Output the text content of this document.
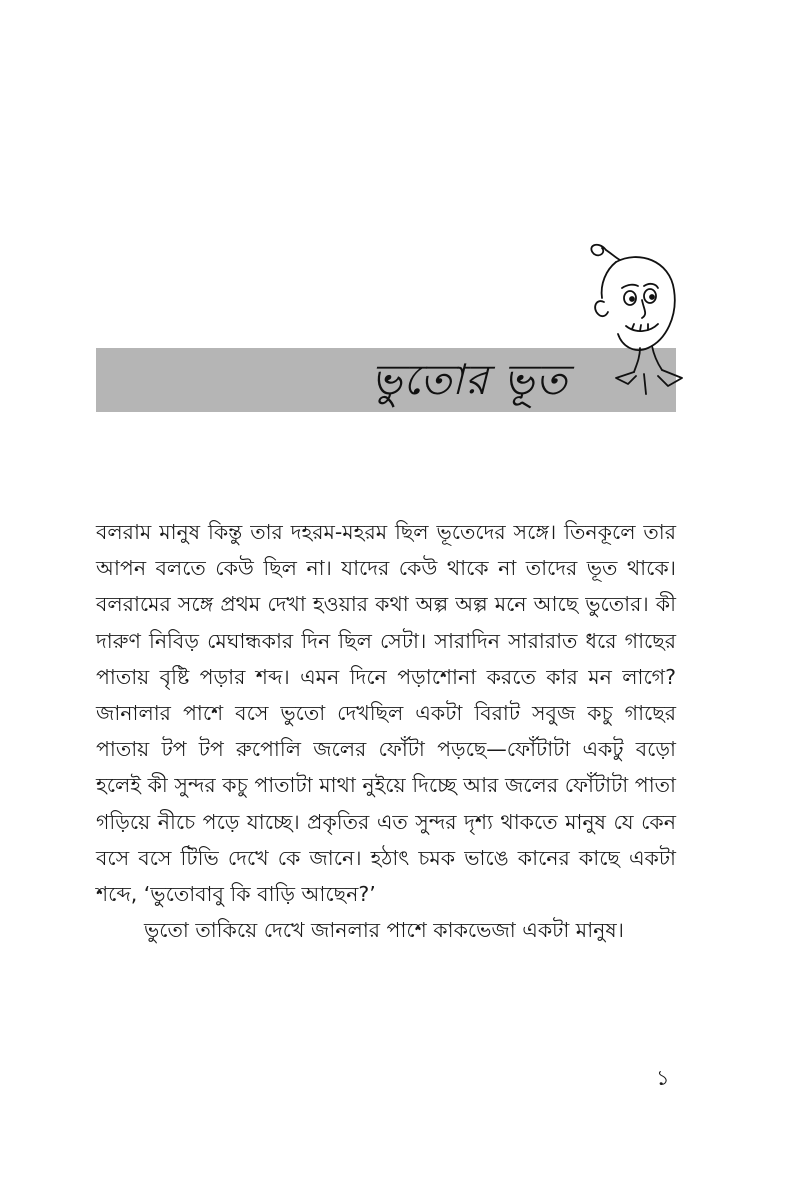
ভুতোর ভূত

বলরাম মানুষ কিন্তু তার দহরম-মহরম ছিল ভূতেদের সঙ্গে। তিনকূলে তার আপন বলতে কেউ ছিল না। যাদের কেউ থাকে না তাদের ভূত থাকে। বলরামের সঙ্গে প্রথম দেখা হওয়ার কথা অল্প অল্প মনে আছে ভুতোর। কী দারুণ নিবিড় মেঘান্ধকার দিন ছিল সেটা। সারাদিন সারারাত ধরে গাছের পাতায় বৃষ্টি পড়ার শব্দ। এমন দিনে পড়াশোনা করতে কার মন লাগে? জানালার পাশে বসে ভুতো দেখছিল একটা বিরাট সবুজ কচু গাছের পাতায় টপ টপ রুপোলি জলের ফোঁটা পড়ছে—ফোঁটাটা একটু বড়ো হলেই কী সুন্দর কচু পাতাটা মাথা নুইয়ে দিচ্ছে আর জলের ফোঁটাটা পাতা গড়িয়ে নীচে পড়ে যাচ্ছে। প্রকৃতির এত সুন্দর দৃশ্য থাকতে মানুষ যে কেন বসে বসে টিভি দেখে কে জানে। হঠাৎ চমক ভাঙে কানের কাছে একটা শব্দে, ‘ভুতোবাবু কি বাড়ি আছেন?’

ভুতো তাকিয়ে দেখে জানলার পাশে কাকভেজা একটা মানুষ।

১
